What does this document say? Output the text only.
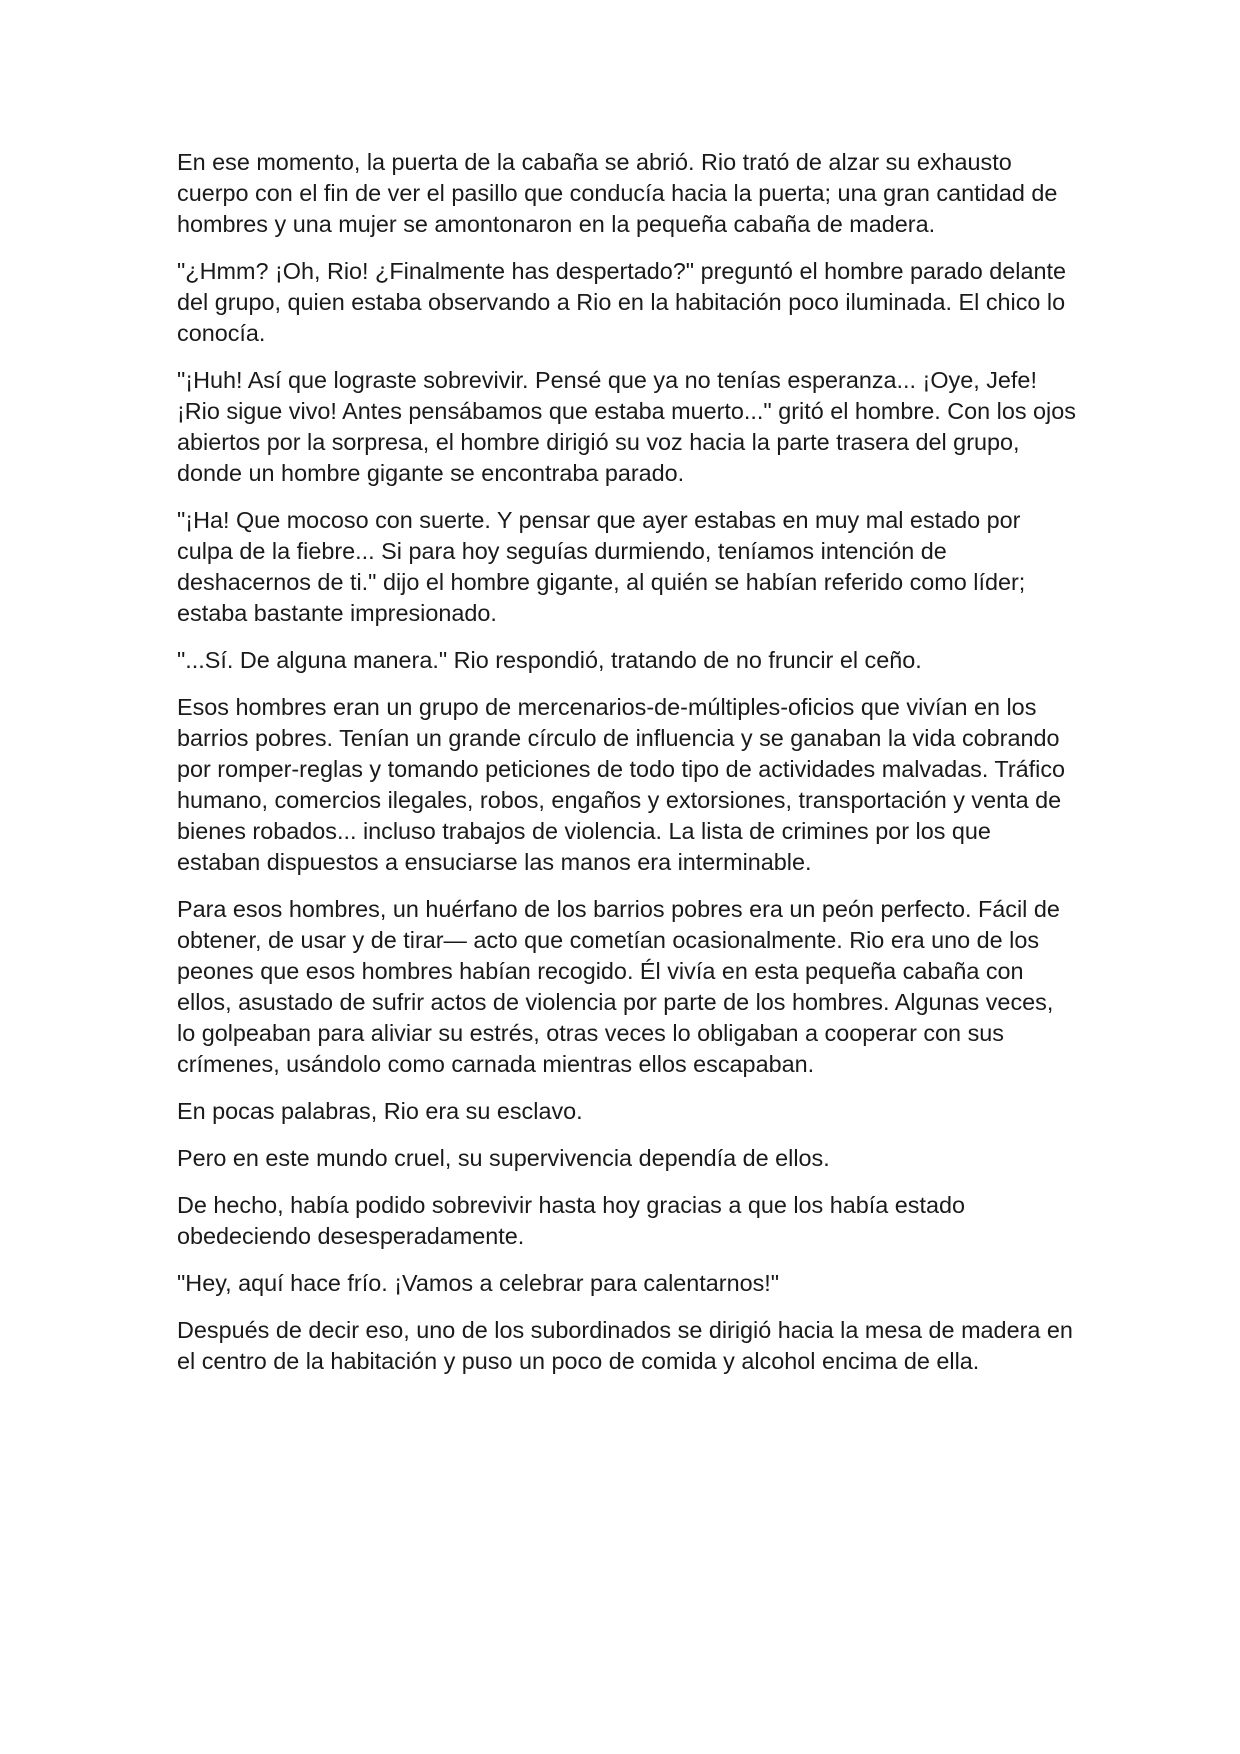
En ese momento, la puerta de la cabaña se abrió. Rio trató de alzar su exhausto cuerpo con el fin de ver el pasillo que conducía hacia la puerta; una gran cantidad de hombres y una mujer se amontonaron en la pequeña cabaña de madera.

"¿Hmm? ¡Oh, Rio! ¿Finalmente has despertado?" preguntó el hombre parado delante del grupo, quien estaba observando a Rio en la habitación poco iluminada. El chico lo conocía.

"¡Huh! Así que lograste sobrevivir. Pensé que ya no tenías esperanza... ¡Oye, Jefe! ¡Rio sigue vivo! Antes pensábamos que estaba muerto..." gritó el hombre. Con los ojos abiertos por la sorpresa, el hombre dirigió su voz hacia la parte trasera del grupo, donde un hombre gigante se encontraba parado.

"¡Ha! Que mocoso con suerte. Y pensar que ayer estabas en muy mal estado por culpa de la fiebre... Si para hoy seguías durmiendo, teníamos intención de deshacernos de ti." dijo el hombre gigante, al quién se habían referido como líder; estaba bastante impresionado.

"...Sí. De alguna manera." Rio respondió, tratando de no fruncir el ceño.

Esos hombres eran un grupo de mercenarios-de-múltiples-oficios que vivían en los barrios pobres. Tenían un grande círculo de influencia y se ganaban la vida cobrando por romper-reglas y tomando peticiones de todo tipo de actividades malvadas. Tráfico humano, comercios ilegales, robos, engaños y extorsiones, transportación y venta de bienes robados... incluso trabajos de violencia. La lista de crimines por los que estaban dispuestos a ensuciarse las manos era interminable.

Para esos hombres, un huérfano de los barrios pobres era un peón perfecto. Fácil de obtener, de usar y de tirar— acto que cometían ocasionalmente. Rio era uno de los peones que esos hombres habían recogido. Él vivía en esta pequeña cabaña con ellos, asustado de sufrir actos de violencia por parte de los hombres. Algunas veces, lo golpeaban para aliviar su estrés, otras veces lo obligaban a cooperar con sus crímenes, usándolo como carnada mientras ellos escapaban.

En pocas palabras, Rio era su esclavo.

Pero en este mundo cruel, su supervivencia dependía de ellos.

De hecho, había podido sobrevivir hasta hoy gracias a que los había estado obedeciendo desesperadamente.

"Hey, aquí hace frío. ¡Vamos a celebrar para calentarnos!"

Después de decir eso, uno de los subordinados se dirigió hacia la mesa de madera en el centro de la habitación y puso un poco de comida y alcohol encima de ella.
